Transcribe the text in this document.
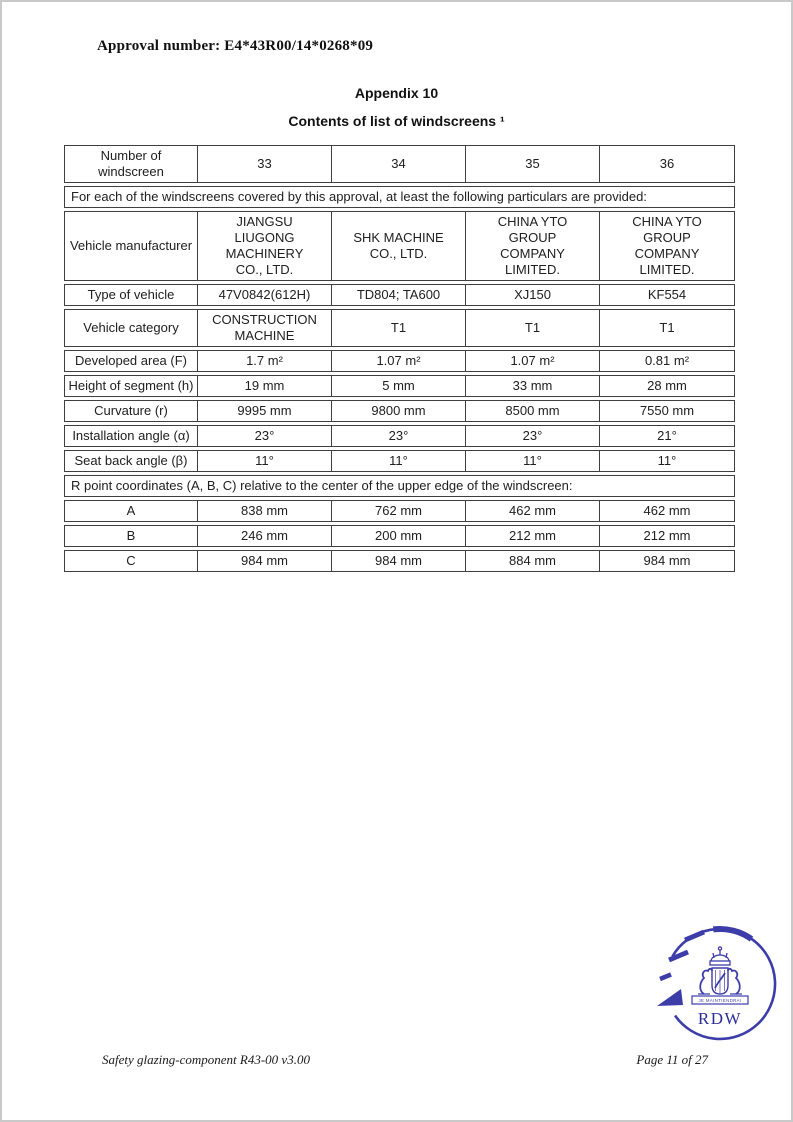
Approval number: E4*43R00/14*0268*09
Appendix 10
Contents of list of windscreens ¹
Number of windscreen	33	34	35	36
For each of the windscreens covered by this approval, at least the following particulars are provided:				
Vehicle manufacturer	JIANGSU LIUGONG MACHINERY CO., LTD.	SHK MACHINE CO., LTD.	CHINA YTO GROUP COMPANY LIMITED.	CHINA YTO GROUP COMPANY LIMITED.
Type of vehicle	47V0842(612H)	TD804; TA600	XJ150	KF554
Vehicle category	CONSTRUCTION MACHINE	T1	T1	T1
Developed area (F)	1.7 m²	1.07 m²	1.07 m²	0.81 m²
Height of segment (h)	19 mm	5 mm	33 mm	28 mm
Curvature (r)	9995 mm	9800 mm	8500 mm	7550 mm
Installation angle (α)	23°	23°	23°	21°
Seat back angle (β)	11°	11°	11°	11°
R point coordinates (A, B, C) relative to the center of the upper edge of the windscreen:				
A	838 mm	762 mm	462 mm	462 mm
B	246 mm	200 mm	212 mm	212 mm
C	984 mm	984 mm	884 mm	984 mm
JE MAINTIENDRAI
RDW
Safety glazing-component R43-00 v3.00	Page 11 of 27
